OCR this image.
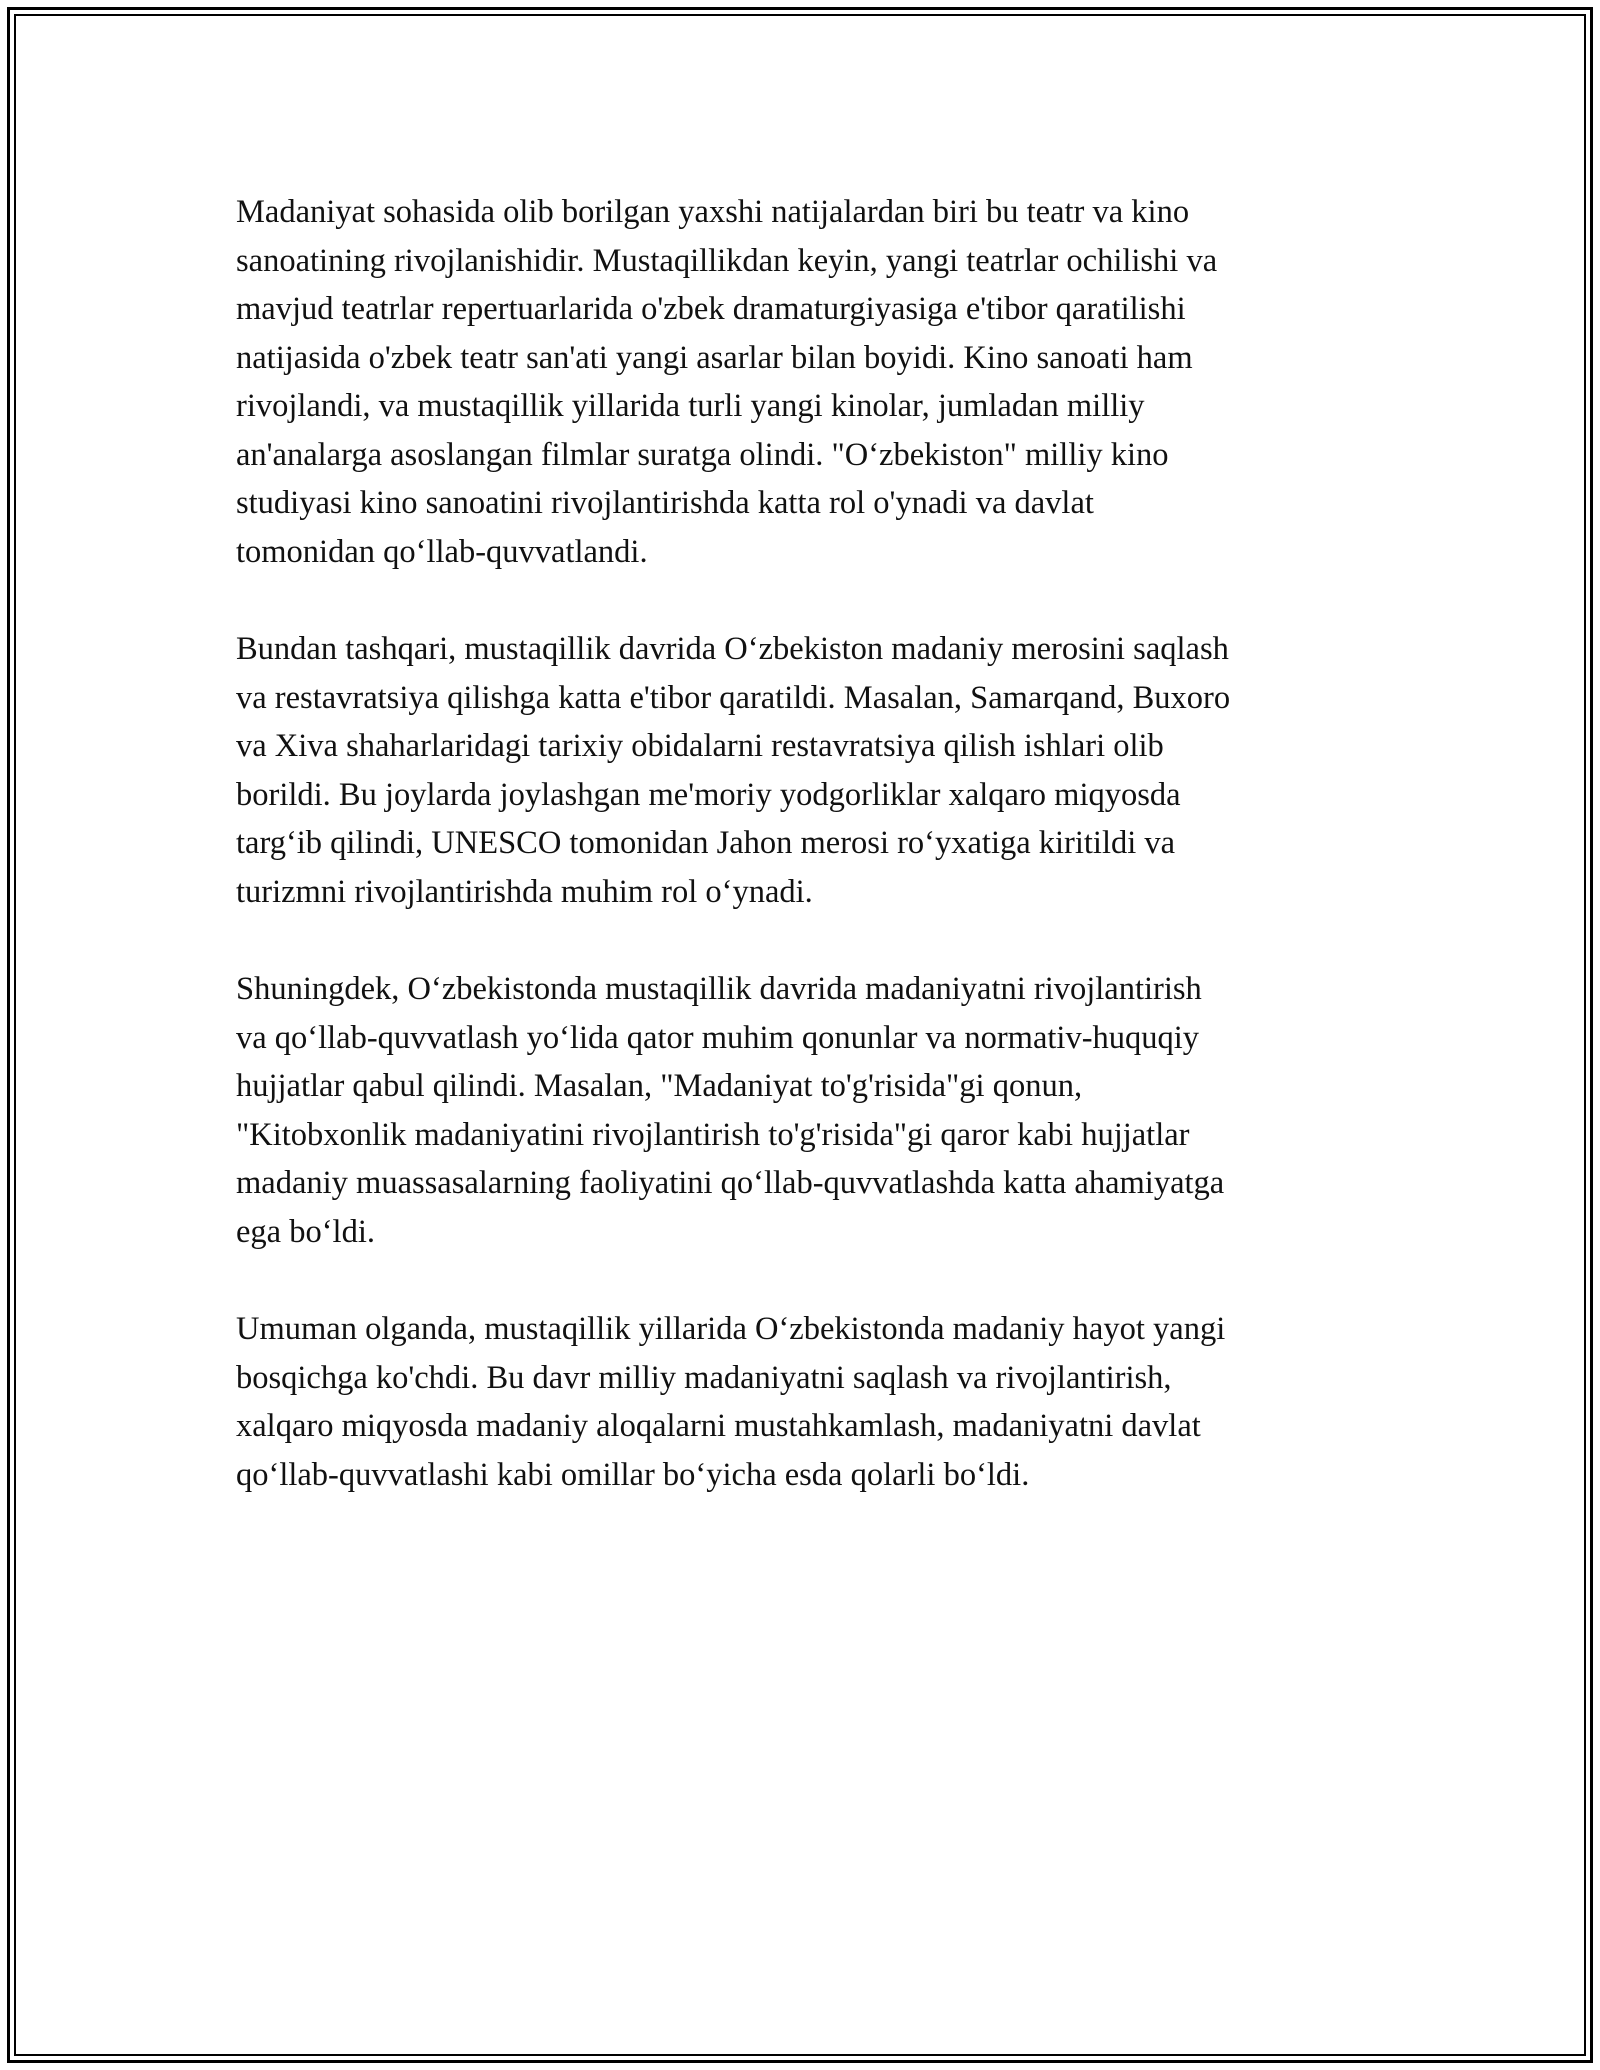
Madaniyat sohasida olib borilgan yaxshi natijalardan biri bu teatr va kino
sanoatining rivojlanishidir. Mustaqillikdan keyin, yangi teatrlar ochilishi va
mavjud teatrlar repertuarlarida o'zbek dramaturgiyasiga e'tibor qaratilishi
natijasida o'zbek teatr san'ati yangi asarlar bilan boyidi. Kino sanoati ham
rivojlandi, va mustaqillik yillarida turli yangi kinolar, jumladan milliy
an'analarga asoslangan filmlar suratga olindi. "O‘zbekiston" milliy kino
studiyasi kino sanoatini rivojlantirishda katta rol o'ynadi va davlat
tomonidan qo‘llab-quvvatlandi.

Bundan tashqari, mustaqillik davrida O‘zbekiston madaniy merosini saqlash
va restavratsiya qilishga katta e'tibor qaratildi. Masalan, Samarqand, Buxoro
va Xiva shaharlaridagi tarixiy obidalarni restavratsiya qilish ishlari olib
borildi. Bu joylarda joylashgan me'moriy yodgorliklar xalqaro miqyosda
targ‘ib qilindi, UNESCO tomonidan Jahon merosi ro‘yxatiga kiritildi va
turizmni rivojlantirishda muhim rol o‘ynadi.

Shuningdek, O‘zbekistonda mustaqillik davrida madaniyatni rivojlantirish
va qo‘llab-quvvatlash yo‘lida qator muhim qonunlar va normativ-huquqiy
hujjatlar qabul qilindi. Masalan, "Madaniyat to'g'risida"gi qonun,
"Kitobxonlik madaniyatini rivojlantirish to'g'risida"gi qaror kabi hujjatlar
madaniy muassasalarning faoliyatini qo‘llab-quvvatlashda katta ahamiyatga
ega bo‘ldi.

Umuman olganda, mustaqillik yillarida O‘zbekistonda madaniy hayot yangi
bosqichga ko'chdi. Bu davr milliy madaniyatni saqlash va rivojlantirish,
xalqaro miqyosda madaniy aloqalarni mustahkamlash, madaniyatni davlat
qo‘llab-quvvatlashi kabi omillar bo‘yicha esda qolarli bo‘ldi.
